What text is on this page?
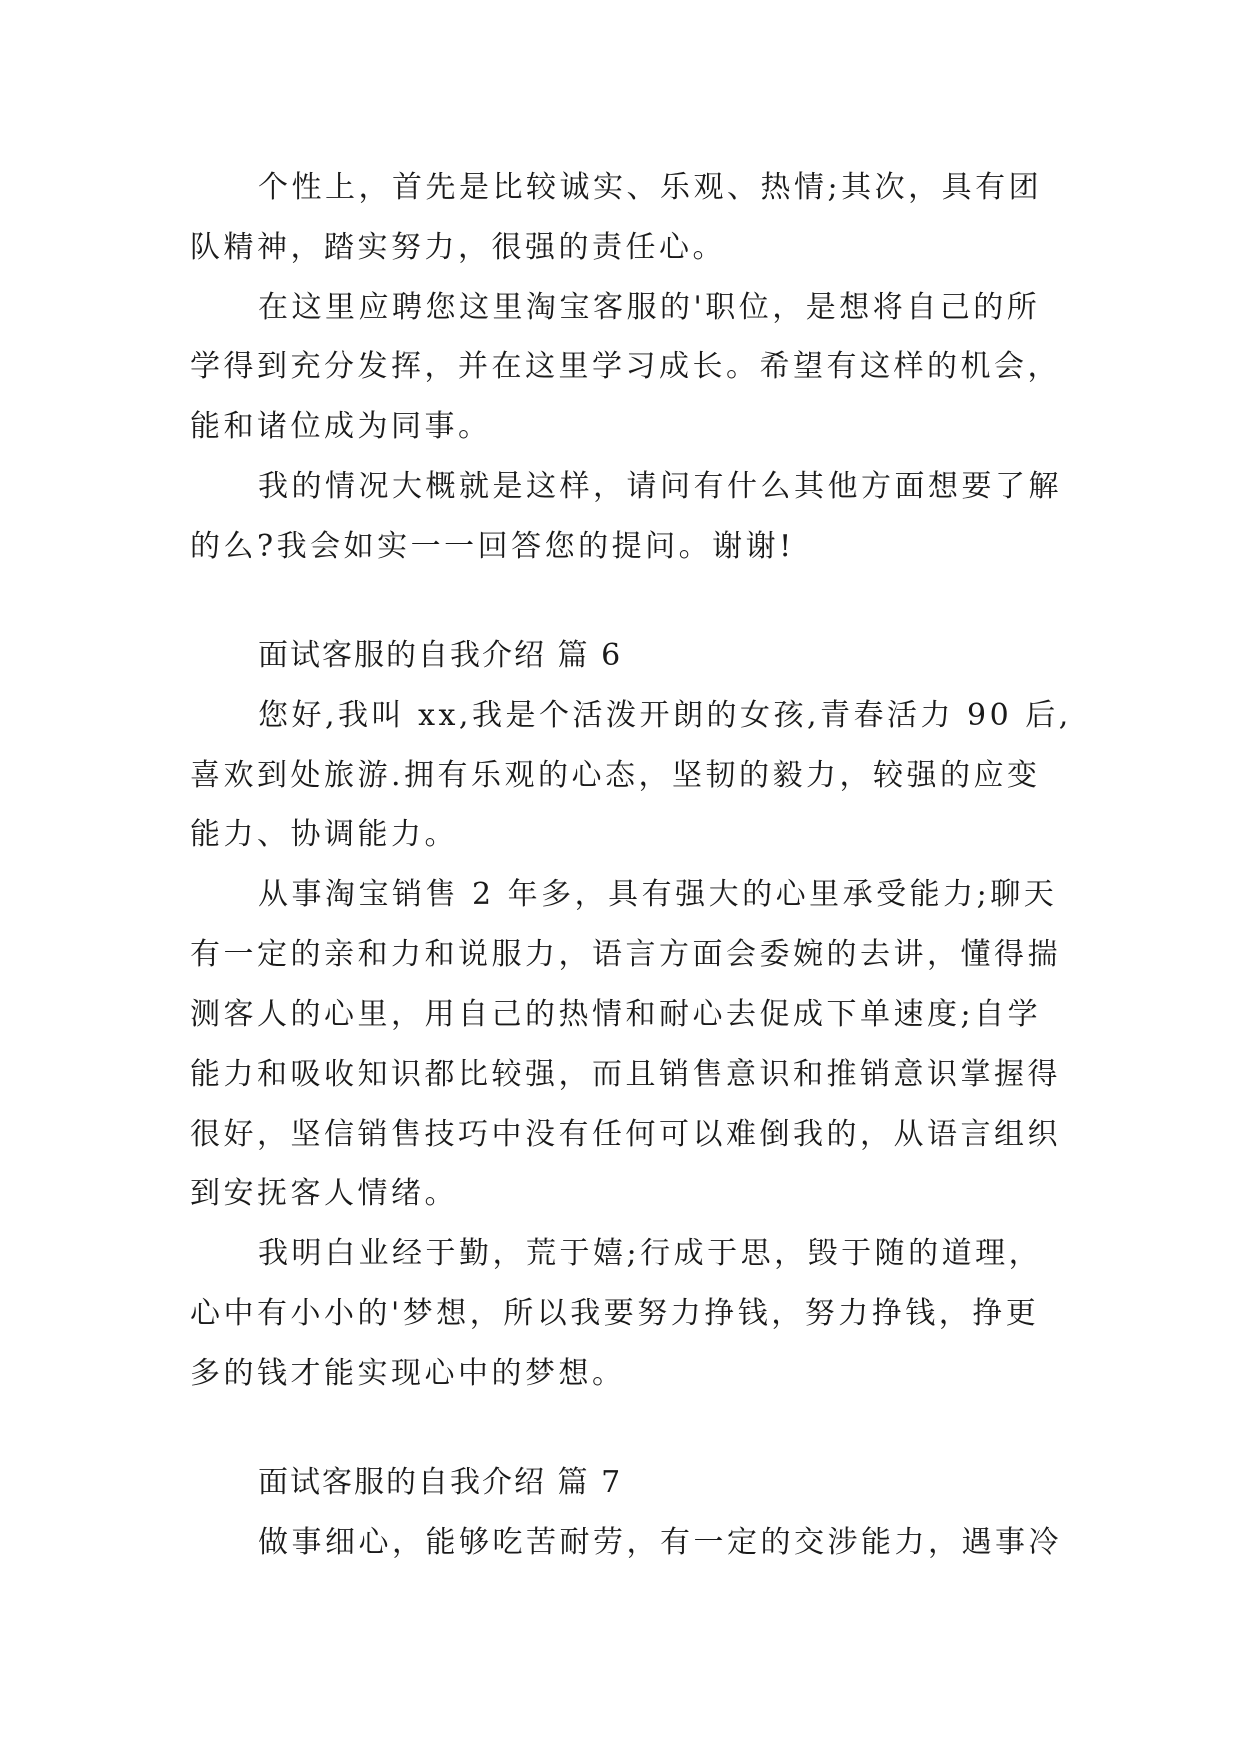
个性上，首先是比较诚实、乐观、热情;其次，具有团
队精神，踏实努力，很强的责任心。
在这里应聘您这里淘宝客服的'职位，是想将自己的所
学得到充分发挥，并在这里学习成长。希望有这样的机会，
能和诸位成为同事。
我的情况大概就是这样，请问有什么其他方面想要了解
的么?我会如实一一回答您的提问。谢谢!
面试客服的自我介绍 篇 6
您好,我叫 xx,我是个活泼开朗的女孩,青春活力 90 后,
喜欢到处旅游.拥有乐观的心态，坚韧的毅力，较强的应变
能力、协调能力。
从事淘宝销售 2 年多，具有强大的心里承受能力;聊天
有一定的亲和力和说服力，语言方面会委婉的去讲，懂得揣
测客人的心里，用自己的热情和耐心去促成下单速度;自学
能力和吸收知识都比较强，而且销售意识和推销意识掌握得
很好，坚信销售技巧中没有任何可以难倒我的，从语言组织
到安抚客人情绪。
我明白业经于勤，荒于嬉;行成于思，毁于随的道理，
心中有小小的'梦想，所以我要努力挣钱，努力挣钱，挣更
多的钱才能实现心中的梦想。
面试客服的自我介绍 篇 7
做事细心，能够吃苦耐劳，有一定的交涉能力，遇事冷
